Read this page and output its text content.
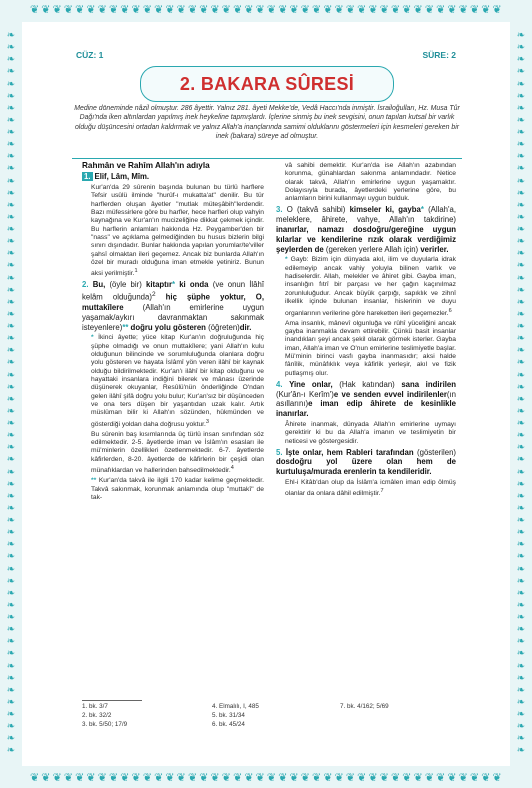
❦ ❦ ❦ ❦ ❦ ❦ ❦ ❦ ❦ ❦ ❦ ❦ ❦ ❦ ❦ ❦ ❦ ❦ ❦ ❦ ❦ ❦ ❦ ❦ ❦ ❦ ❦ ❦ ❦ ❦ ❦ ❦ ❦ ❦ ❦ ❦ ❦ ❦ ❦ ❦ ❦ ❦
❦ ❦ ❦ ❦ ❦ ❦ ❦ ❦ ❦ ❦ ❦ ❦ ❦ ❦ ❦ ❦ ❦ ❦ ❦ ❦ ❦ ❦ ❦ ❦ ❦ ❦ ❦ ❦ ❦ ❦ ❦ ❦ ❦ ❦ ❦ ❦ ❦ ❦ ❦ ❦ ❦ ❦
❧
❧
❧
❧
❧
❧
❧
❧
❧
❧
❧
❧
❧
❧
❧
❧
❧
❧
❧
❧
❧
❧
❧
❧
❧
❧
❧
❧
❧
❧
❧
❧
❧
❧
❧
❧
❧
❧
❧
❧
❧
❧
❧
❧
❧
❧
❧
❧
❧
❧
❧
❧
❧
❧
❧
❧
❧
❧
❧
❧
❧
❧
❧
❧
❧
❧
❧
❧
❧
❧
❧
❧
❧
❧
❧
❧
❧
❧
❧
❧
❧
❧
❧
❧
❧
❧
❧
❧
❧
❧
❧
❧
❧
❧
❧
❧
❧
❧
❧
❧
❧
❧
❧
❧
❧
❧
❧
❧
❧
❧
❧
❧
❧
❧
❧
❧
❧
❧
❧
❧
CÜZ: 1	SÜRE: 2
2. BAKARA SÛRESİ
Medine döneminde nâzil olmuştur. 286 âyettir. Yalnız 281. âyeti Mekke'de, Vedâ Haccı'nda inmiştir. İsrailoğulları, Hz. Musa Tûr Dağı'nda iken altınlardan yapılmış inek heykeline tapmışlardı. İçlerine sinmiş bu inek sevgisini, onun tapılan kutsal bir varlık olduğu düşüncesini ortadan kaldırmak ve yalnız Allah'a inançlarında samimi olduklarını göstermeleri için kesmeleri gereken bir inek (bakara) süreye ad olmuştur.

Rahmân ve Rahîm Allah'ın adıyla

1. Elif, Lâm, Mîm.

Kur'an'da 29 sûrenin başında bulunan bu türlü harflere Tefsir usûlü ilminde "hurûf-ı mukatta'at" denilir. Bu tür harflerden oluşan âyetler "mutlak müteşâbih"lerdendir. Bazı müfessirlere göre bu harfler, hece harfleri olup vahyin kaynağına ve Kur'an'ın mucizeliğine dikkat çekmek içindir. Bu harflerin anlamları hakkında Hz. Peygamber'den bir "nass" ve açıklama gelmediğinden bu husus bizlerin bilgi sınırı dışındadır. Bunlar hakkında yapılan yorumlar/te'viller şahsî olmaktan ileri geçemez. Ancak biz bunlarda Allah'ın özel bir muradı olduğuna iman etmekle yetiniriz. Bunun aksi yerilmiştir.$^1$

2. Bu, (öyle bir) kitaptır* ki onda (ve onun İlâhî kelâm olduğunda)$^2$ hiç şüphe yoktur, O, muttakîlere (Allah'ın emirlerine uygun yaşamak/aykırı davranmaktan sakınmak isteyenlere)** doğru yolu gösteren (öğreten)dir.

* İkinci âyette; yüce kitap Kur'an'ın doğruluğunda hiç şüphe olmadığı ve onun muttakîlere; yani Allah'ın kulu olduğunun bilincinde ve sorumluluğunda olanlara doğru yolu gösteren ve hayata İslâmî yön veren ilâhî bir kaynak olduğu bildirilmektedir. Kur'an'ı ilâhî bir kitap olduğunu ve hayattaki insanlara indiğini bilerek ve mânası üzerinde düşünerek okuyanlar, Resûlü'nün önderliğinde O'ndan gelen ilâhî şifâ doğru yolu bulur; Kur'an'sız bir düşünceden ve ona ters düşen bir yaşantıdan uzak kalır. Artık müslüman bilir ki Allah'ın sözünden, hükmünden ve gösterdiği yoldan daha doğrusu yoktur.$^3$

Bu sûrenin baş kısımlarında üç türlü insan sınıfından söz edilmektedir. 2-5. âyetlerde iman ve İslâm'ın esasları ile mü'minlerin özellikleri özetlenmektedir. 6-7. âyetlerde kâfirlerden, 8-20. âyetlerde de kâfirlerin bir çeşidi olan münafıklardan ve hallerinden bahsedilmektedir.$^4$

** Kur'an'da takvâ ile ilgili 170 kadar kelime geçmektedir. Takvâ sakınmak, korunmak anlamında olup "muttakî" de tak-

vâ sahibi demektir. Kur'an'da ise Allah'ın azabından korunma, günahlardan sakınma anlamındadır. Netice olarak takvâ, Allah'ın emirlerine uygun yaşamaktır. Dolayısıyla burada, âyetlerdeki yerlerine göre, bu anlamların birini kullanmayı uygun bulduk.

3. O (takvâ sahibi) kimseler ki, gayba* (Allah'a, meleklere, âhirete, vahye, Allah'ın takdirine) inanırlar, namazı dosdoğru/gereğine uygun kılarlar ve kendilerine rızık olarak verdiğimiz şeylerden de (gereken yerlere Allah için) verirler.

* Gayb: Bizim için dünyada akıl, ilim ve duyularla idrak edilemeyip ancak vahiy yoluyla bilinen varlık ve hadiselerdir. Allah, melekler ve âhiret gibi. Gayba iman, insanlığın fıtrî bir parçası ve her çağın kaçınılmaz zorunluluğudur. Ancak büyük çarpığı, sapıklık ve zihnî ilkellik içinde bulunan insanlar, hislerinin ve duyu organlarının verilerine göre hareketten ileri geçemezler.$^6$

Ama insanlık, mânevî olgunluğa ve rûhî yüceliğini ancak gayba inanmakla devam ettirebilir. Çünkü basit insanlar inandıkları şeyi ancak şekil olarak görmek isterler. Gayba iman, Allah'a iman ve O'nun emirlerine teslimiyetle başlar. Mü'minin birinci vasfı gayba inanmasıdır; aksi halde fânîlik, münâfıklık veya kâfirlik yerleşir, akıl ve fizik putlaşmış olur.

4. Yine onlar, (Hak katından) sana indirilen (Kur'ân-ı Kerîm')e ve senden evvel indirilenler(ın asıllarını)e iman edip âhirete de kesinlikle inanırlar.

Âhirete inanmak, dünyada Allah'ın emirlerine uymayı gerektirir ki bu da Allah'a imanın ve teslimiyetin bir neticesi ve göstergesidir.

5. İşte onlar, hem Rableri tarafından (gösterilen) dosdoğru yol üzere olan hem de kurtuluşa/murada erenlerin ta kendileridir.

Ehl-i Kitâb'dan olup da İslâm'a icmâlen iman edip ölmüş olanlar da onlara dâhil edilmiştir.$^7$

1. bk. 3/7
2. bk. 32/2
3. bk. 5/50; 17/9
4. Elmalılı, I, 485
5. bk. 31/34
6. bk. 45/24
7. bk. 4/162; 5/69
